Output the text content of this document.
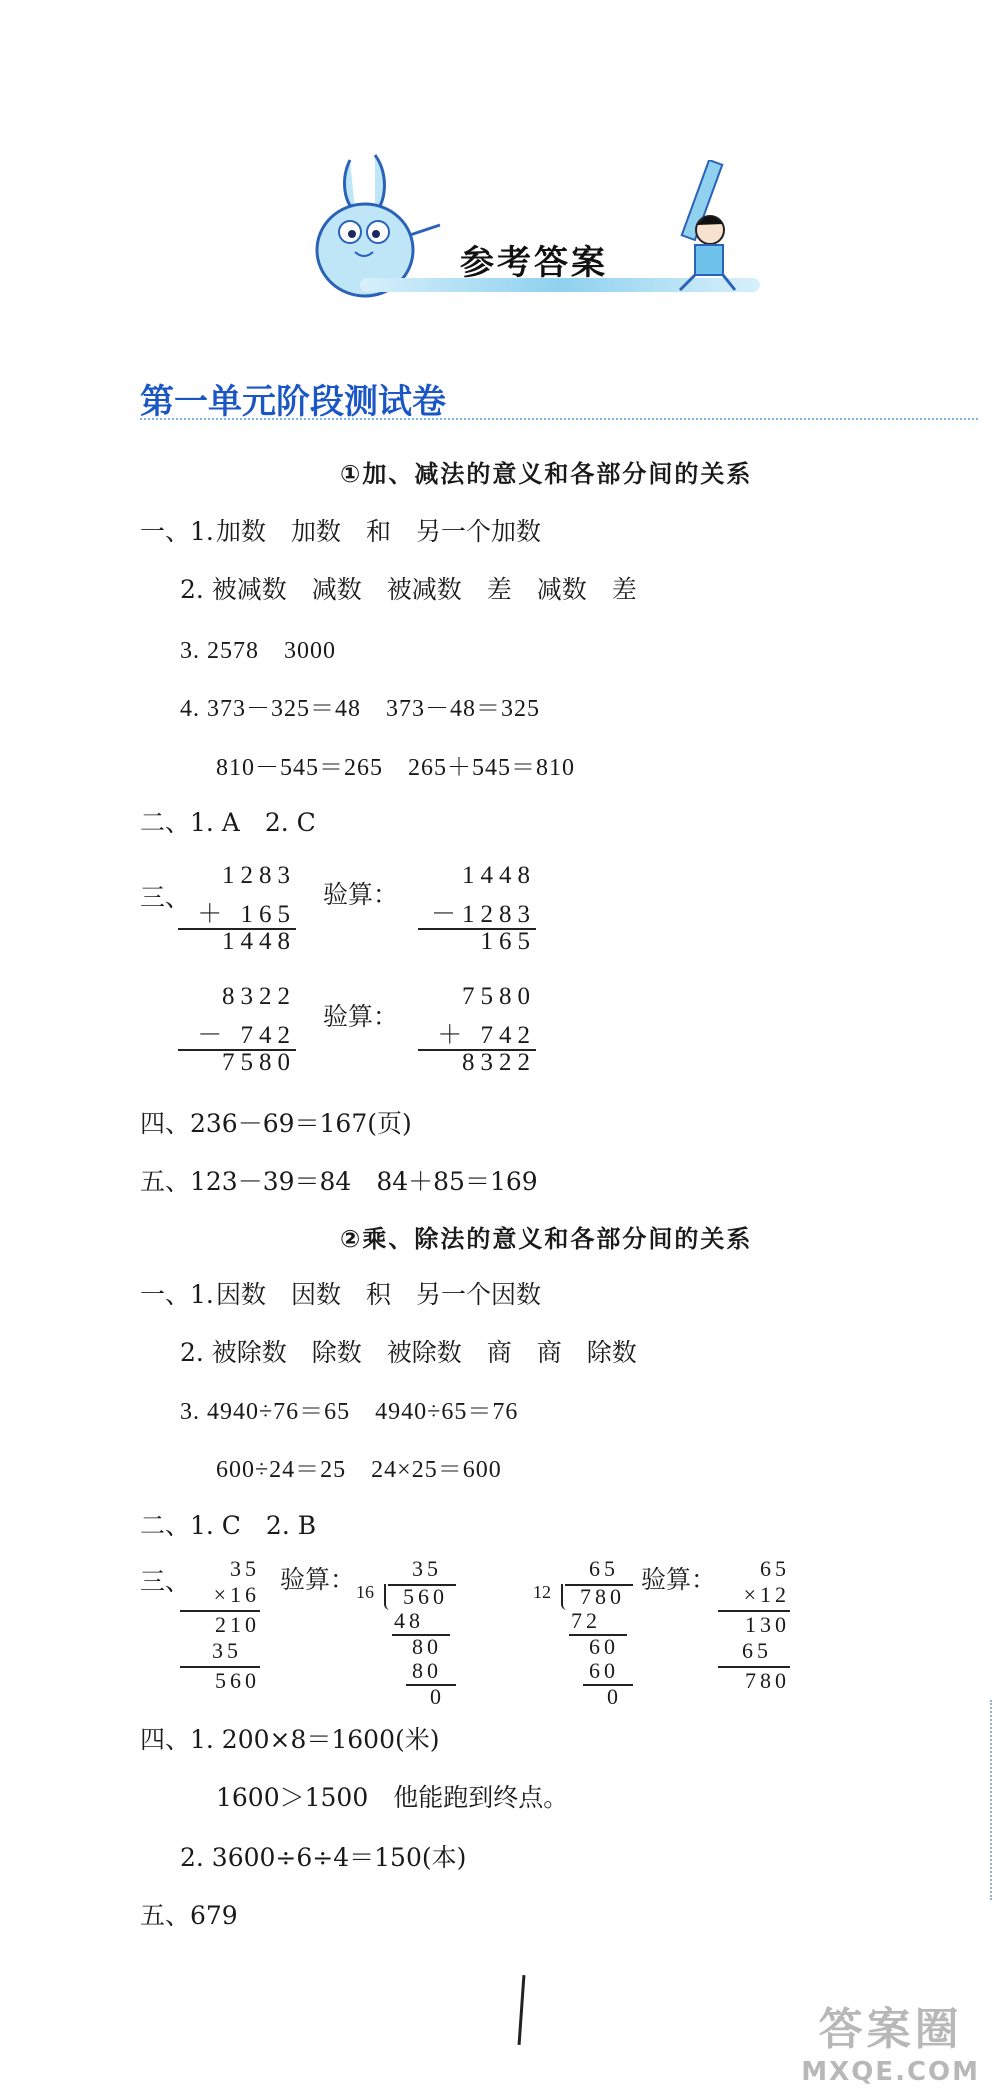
参考答案

第一单元阶段测试卷
①加、减法的意义和各部分间的关系
一、1. 加数　加数　和　另一个加数
2. 被减数　减数　被减数　差　减数　差
3. 2578　3000
4. 373－325＝48　373－48＝325
810－545＝265　265＋545＝810
二、1. A　2. C
三、
1283
＋ 165
1448
验算：
1448
－1283
165
8322
－ 742
7580
验算：
7580
＋ 742
8322
四、236－69＝167(页)
五、123－39＝84　84＋85＝169
②乘、除法的意义和各部分间的关系
一、1. 因数　因数　积　另一个因数
2. 被除数　除数　被除数　商　商　除数
3. 4940÷76＝65　4940÷65＝76
600÷24＝25　24×25＝600
二、1. C　2. B
三、 35
×16
210
35
560
验算：	35
16 560
48
80
80
0
65
12 780
72
60
60
0
验算： 65
×12
130
65
780
四、1. 200×8＝1600(米)
1600＞1500　他能跑到终点。
2. 3600÷6÷4＝150(本)
五、679
答案圈
MXQE.COM
